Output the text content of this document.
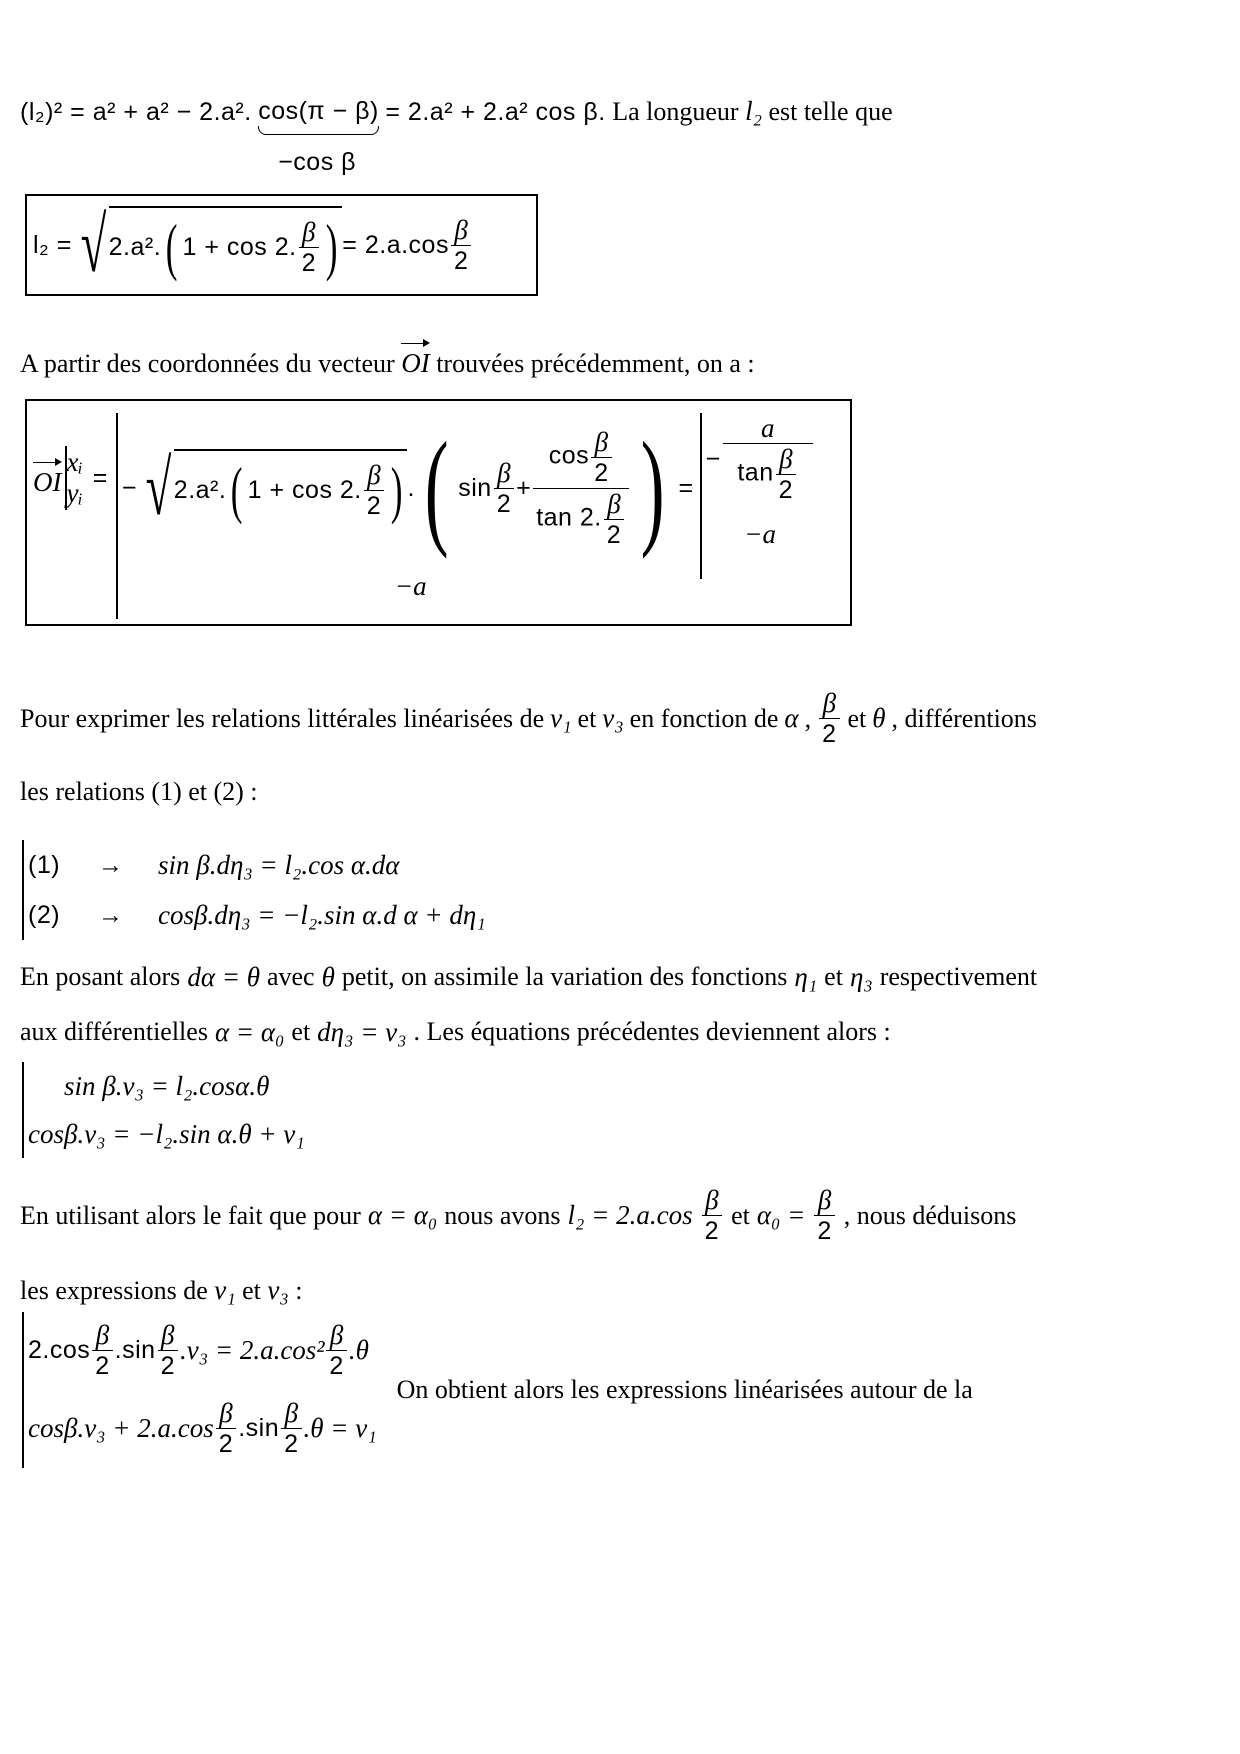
(l₂)² = a² + a² − 2.a². cos(π − β)
−cos β
= 2.a² + 2.a² cos β. La longueur l₂ est telle que
l₂ = √ 2.a². ( 1 + cos 2. $\frac{\beta}{2}$ ) = $2.a.\cos \frac{\beta}{2}$
A partir des coordonnées du vecteur OI trouvées précédemment, on a :
OI
xᵢ
yᵢ
= − √ 2.a². ( 1 + cos 2. $\frac{\beta}{2}$ ) . ( $\sin \frac{\beta}{2} + \frac{\cos \frac{\beta}{2}}{\tan 2. \frac{\beta}{2}}$ ) =
−a
− $\frac{a}{\tan \frac{\beta}{2}}$
−a
Pour exprimer les relations littérales linéarisées de v₁ et v₃ en fonction de α , $\frac{\beta}{2}$ et θ , différentions
les relations (1) et (2) :
(1)	→	sin β.dη₃ = l₂.cos α.dα
(2)	→	cosβ.dη₃ = −l₂.sin α.d α + dη₁
En posant alors dα = θ avec θ petit, on assimile la variation des fonctions η₁ et η₃ respectivement
aux différentielles α = α₀ et dη₃ = v₃ . Les équations précédentes deviennent alors :
sin β.v₃ = l₂.cosα.θ
cosβ.v₃ = −l₂.sin α.θ + v₁
En utilisant alors le fait que pour α = α₀ nous avons $l_2 = 2.a.\cos \frac{\beta}{2}$ et $\alpha_0 = \frac{\beta}{2}$ , nous déduisons
les expressions de v₁ et v₃ :
$2.\cos \frac{\beta}{2} .\sin \frac{\beta}{2} .v_3 = 2.a.\cos^2 \frac{\beta}{2} .\theta$
$\cos\beta.v_3 + 2.a.\cos \frac{\beta}{2} .\sin \frac{\beta}{2} .\theta = v_1$
On obtient alors les expressions linéarisées autour de la
